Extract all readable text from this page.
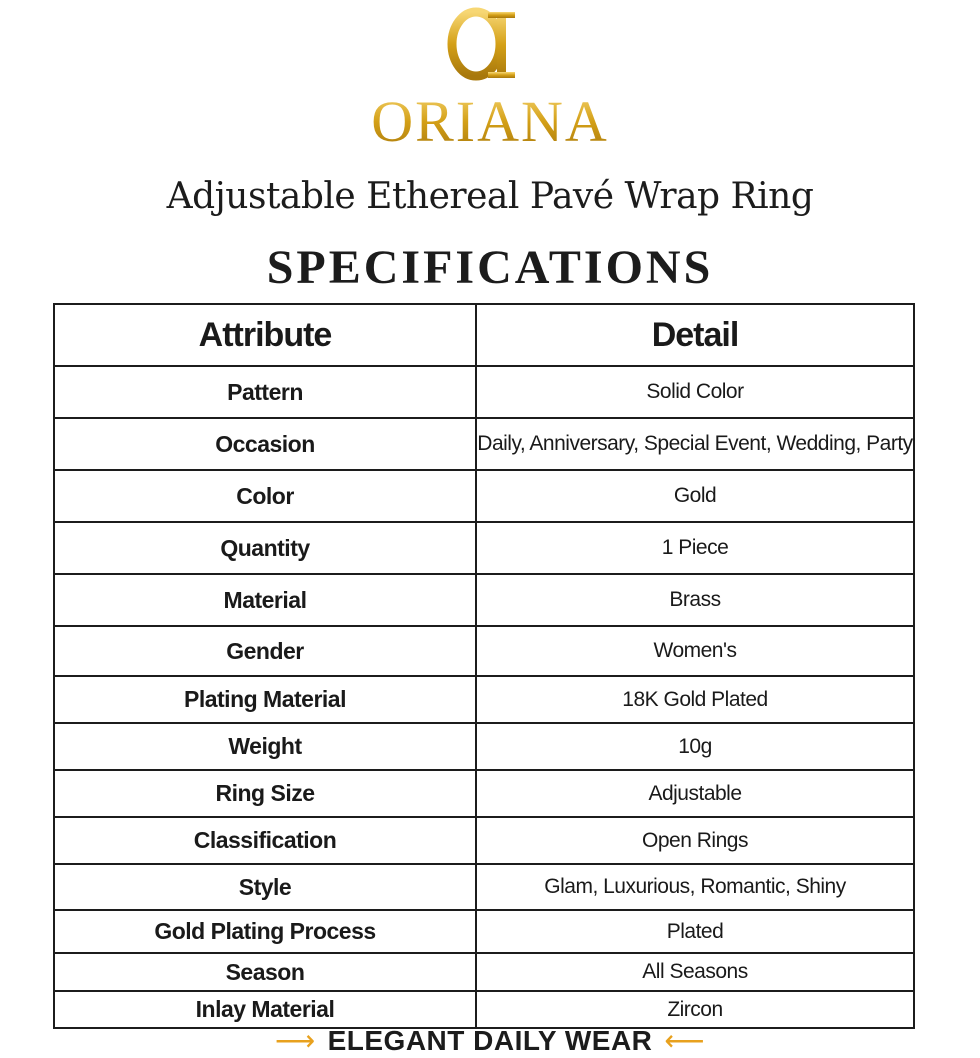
ORIANA
Adjustable Ethereal Pavé Wrap Ring
SPECIFICATIONS
Attribute	Detail
Pattern	Solid Color
Occasion	Daily, Anniversary, Special Event, Wedding, Party
Color	Gold
Quantity	1 Piece
Material	Brass
Gender	Women's
Plating Material	18K Gold Plated
Weight	10g
Ring Size	Adjustable
Classification	Open Rings
Style	Glam, Luxurious, Romantic, Shiny
Gold Plating Process	Plated
Season	All Seasons
Inlay Material	Zircon
⟶ ELEGANT DAILY WEAR ⟵
